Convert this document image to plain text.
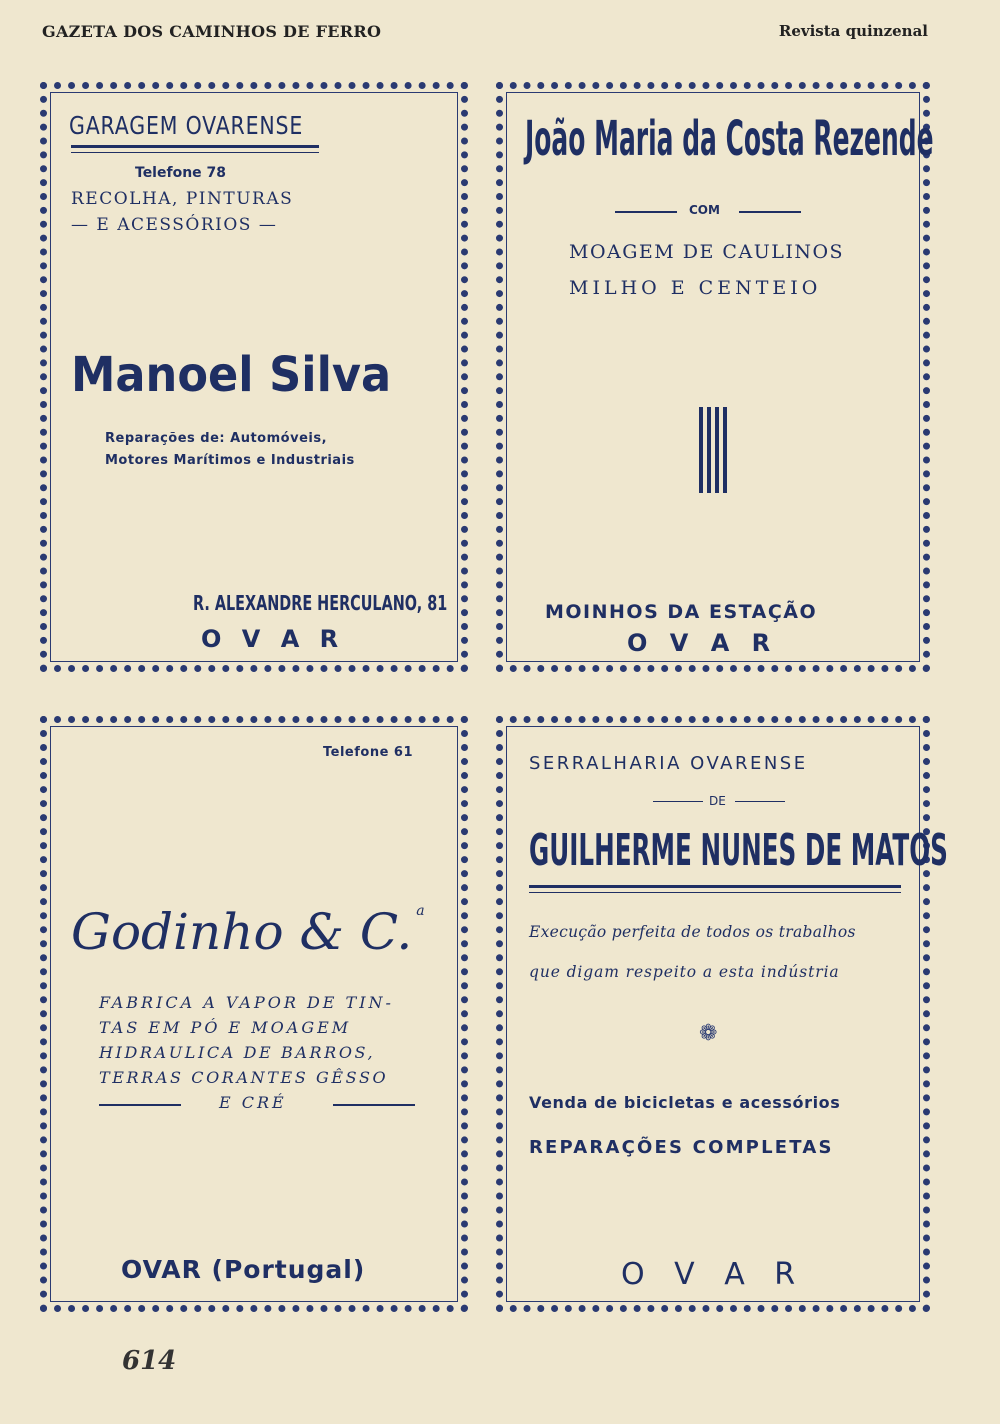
GAZETA DOS CAMINHOS DE FERRO	Revista quinzenal
GARAGEM OVARENSE
Telefone 78
RECOLHA, PINTURAS
— E ACESSÓRIOS —
Manoel Silva
Reparações de: Automóveis,
Motores Marítimos e Industriais
R. ALEXANDRE HERCULANO, 81
O V A R
João Maria da Costa Rezende
COM
MOAGEM DE CAULINOS
MILHO E CENTEIO
MOINHOS DA ESTAÇÃO
O V A R
Telefone 61
Godinho & C. $^a$
FABRICA A VAPOR DE TIN-
TAS EM PÓ E MOAGEM
HIDRAULICA DE BARROS,
TERRAS CORANTES GÊSSO
E CRÉ
OVAR (Portugal)
SERRALHARIA OVARENSE
DE
GUILHERME NUNES DE MATOS
Execução perfeita de todos os trabalhos
que digam respeito a esta indústria
❁
Venda de bicicletas e acessórios
REPARAÇÕES COMPLETAS
O V A R
614
